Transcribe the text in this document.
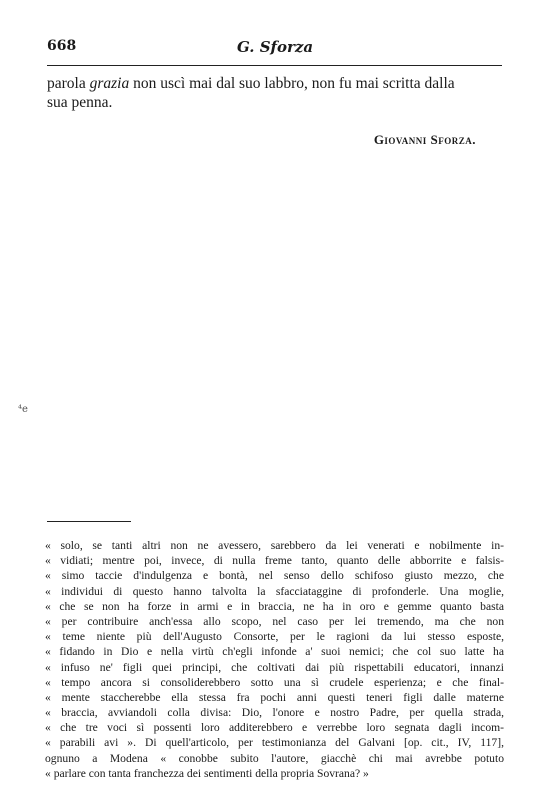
668	G. Sforza
parola grazia non uscì mai dal suo labbro, non fu mai scritta dalla
sua penna.
Giovanni Sforza.
⁴e
« solo, se tanti altri non ne avessero, sarebbero da lei venerati e nobilmente in-
« vidiati; mentre poi, invece, di nulla freme tanto, quanto delle abborrite e falsis-
« simo taccie d'indulgenza e bontà, nel senso dello schifoso giusto mezzo, che
« individui di questo hanno talvolta la sfacciataggine di profonderle. Una moglie,
« che se non ha forze in armi e in braccia, ne ha in oro e gemme quanto basta
« per contribuire anch'essa allo scopo, nel caso per lei tremendo, ma che non
« teme niente più dell'Augusto Consorte, per le ragioni da lui stesso esposte,
« fidando in Dio e nella virtù ch'egli infonde a' suoi nemici; che col suo latte ha
« infuso ne' figli quei principi, che coltivati dai più rispettabili educatori, innanzi
« tempo ancora si consoliderebbero sotto una sì crudele esperienza; e che final-
« mente staccherebbe ella stessa fra pochi anni questi teneri figli dalle materne
« braccia, avviandoli colla divisa: Dio, l'onore e nostro Padre, per quella strada,
« che tre voci sì possenti loro additerebbero e verrebbe loro segnata dagli incom-
« parabili avi ». Di quell'articolo, per testimonianza del Galvani [op. cit., IV, 117],
ognuno a Modena « conobbe subito l'autore, giacchè chi mai avrebbe potuto
« parlare con tanta franchezza dei sentimenti della propria Sovrana? »
